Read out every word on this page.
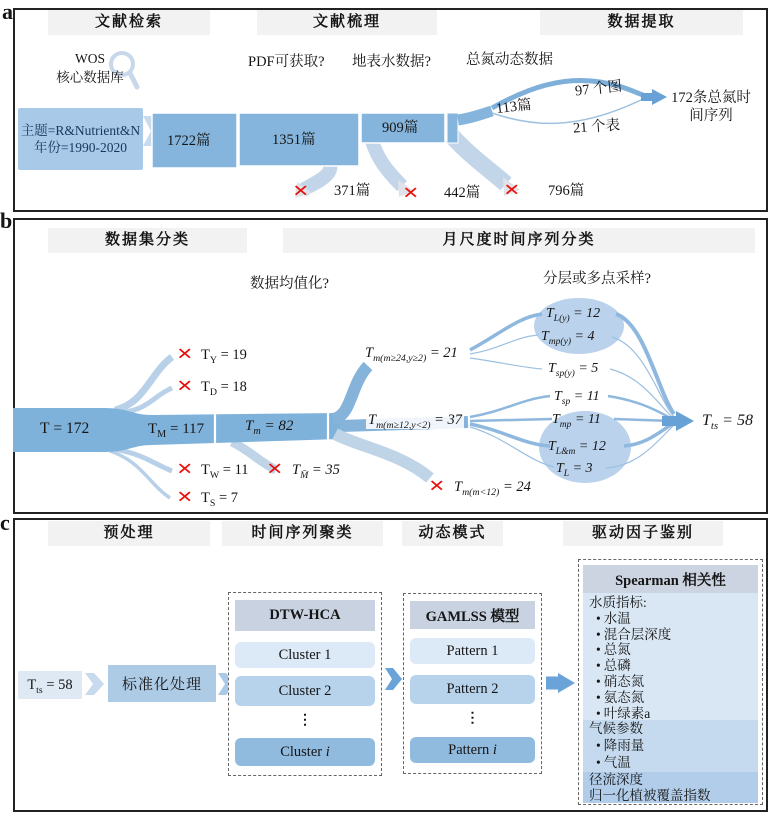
a
b
c
主题=R&Nutrient&N
年份=1990-2020
文献检索	文献梳理	数据提取
WOS
核心数据库
PDF可获取? 地表水数据? 总氮动态数据
1722篇	1351篇
909篇
113篇
97 个图
21 个表
✕ 371篇 ✕ 442篇 ✕ 796篇
172条总氮时
间序列
数据集分类	月尺度时间序列分类
数据均值化?	分层或多点采样?
T = 172	$T_M = 117$	$T_m = 82$
✕ $T_Y = 19$
✕ $T_D = 18$
✕ $T_W = 11$
✕ $T_S = 7$
✕ $T_{M̄} = 35$
$T_{m(m\ge 24,y\ge 2)} = 21$
$T_{m(m\ge 12,y<2)} = 37$
✕ $T_{m(m<12)} = 24$
$T_{L(y)} = 12$
$T_{mp(y)} = 4$
$T_{sp(y)} = 5$
$T_{sp} = 11$
$T_{mp} = 11$
$T_{L\&m} = 12$
$T_L = 3$
$T_{ts} = 58$
预处理	时间序列聚类	动态模式	驱动因子鉴别
$T_{ts} = 58$	标准化处理
DTW-HCA
Cluster 1
Cluster 2
⋮
Cluster i
GAMLSS 模型
Pattern 1
Pattern 2
⋮
Pattern i
Spearman 相关性
水质指标:
• 水温
• 混合层深度
• 总氮
• 总磷
• 硝态氮
• 氨态氮
• 叶绿素a
气候参数
• 降雨量
• 气温
径流深度
归一化植被覆盖指数
